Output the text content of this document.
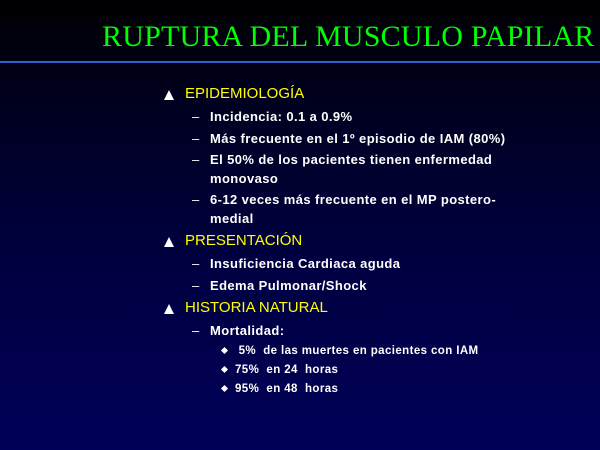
RUPTURA DEL MUSCULO PAPILAR
EPIDEMIOLOGÍA
– Incidencia: 0.1 a 0.9%
– Más frecuente en el 1º episodio de IAM (80%)
– El 50% de los pacientes tienen enfermedad monovaso
– 6-12 veces más frecuente en el MP postero-medial
PRESENTACIÓN
– Insuficiencia Cardiaca aguda
– Edema Pulmonar/Shock
HISTORIA NATURAL
– Mortalidad:
5%  de las muertes en pacientes con IAM
75%  en 24  horas
95%  en 48  horas
